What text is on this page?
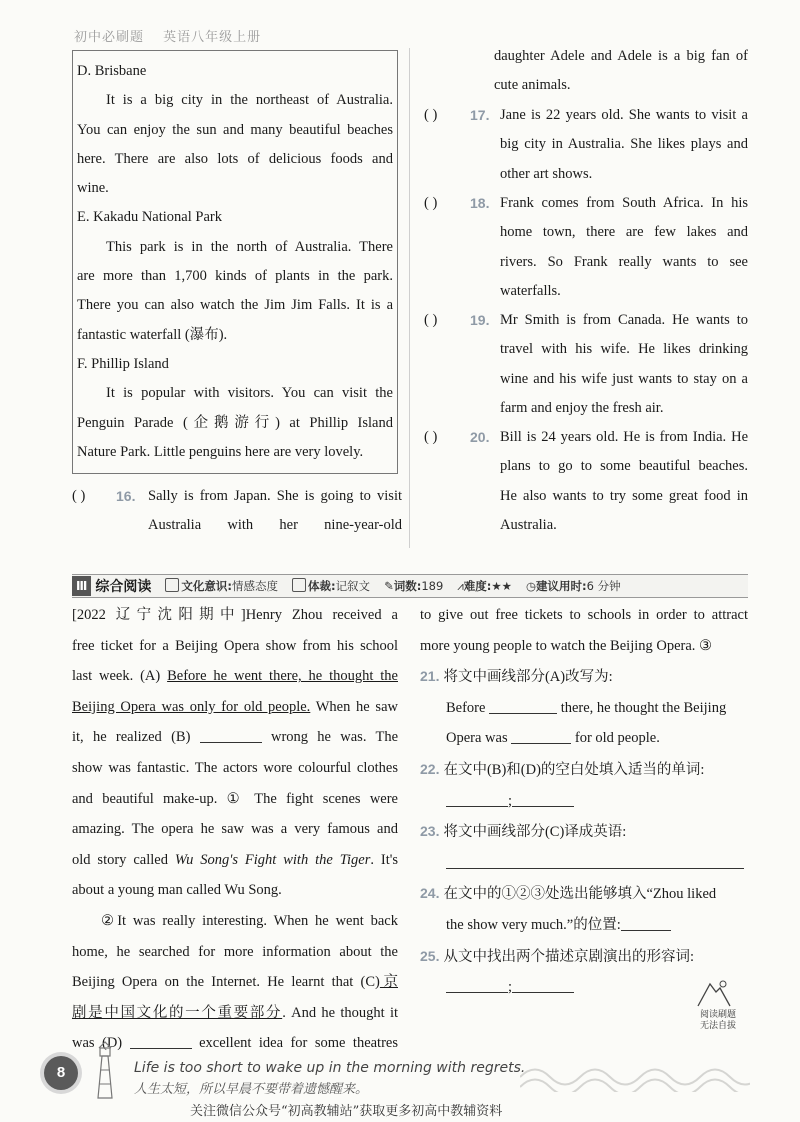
初中必刷题 英语八年级上册
D. Brisbane
It is a big city in the northeast of Australia.
You can enjoy the sun and many beautiful beaches
here. There are also lots of delicious foods and
wine.
E. Kakadu National Park
This park is in the north of Australia. There
are more than 1,700 kinds of plants in the park.
There you can also watch the Jim Jim Falls. It is a
fantastic waterfall (瀑布).
F. Phillip Island
It is popular with visitors. You can visit the
Penguin Parade (企鹅游行) at Phillip Island
Nature Park. Little penguins here are very lovely.
( )	16. Sally is from Japan. She is going to visit
Australia with her nine-year-old
daughter Adele and Adele is a big fan of
cute animals.
( )	17. Jane is 22 years old. She wants to visit a
big city in Australia. She likes plays and
other art shows.
( )	18. Frank comes from South Africa. In his
home town, there are few lakes and
rivers. So Frank really wants to see
waterfalls.
( )	19. Mr Smith is from Canada. He wants to
travel with his wife. He likes drinking
wine and his wife just wants to stay on a
farm and enjoy the fresh air.
( )	20. Bill is 24 years old. He is from India. He
plans to go to some beautiful beaches.
He also wants to try some great food in
Australia.
Ⅲ 综合阅读	文化意识:情感态度	体裁:记叙文 ✎词数:189 ⩘难度:★★ ◷建议用时:6 分钟
[2022 辽宁沈阳期中]Henry Zhou received a
free ticket for a Beijing Opera show from his school
last week. (A) Before he went there, he thought the
Beijing Opera was only for old people. When he saw
it, he realized (B)	wrong he was. The
show was fantastic. The actors wore colourful clothes
and beautiful make-up. ① The fight scenes were
amazing. The opera he saw was a very famous and
old story called Wu Song's Fight with the Tiger. It's
about a young man called Wu Song.
②It was really interesting. When he went back
home, he searched for more information about the
Beijing Opera on the Internet. He learnt that (C)京
剧是中国文化的一个重要部分. And he thought it
was (D)	excellent idea for some theatres
to give out free tickets to schools in order to attract
more young people to watch the Beijing Opera. ③
21. 将文中画线部分(A)改写为:
Before	there, he thought the Beijing
Opera was	for old people.
22. 在文中(B)和(D)的空白处填入适当的单词:
;
23. 将文中画线部分(C)译成英语:
24. 在文中的①②③处选出能够填入“Zhou liked
the show very much.”的位置:
25. 从文中找出两个描述京剧演出的形容词:
;
阅读刷题
无法自拔
8	Life is too short to wake up in the morning with regrets.
人生太短，所以早晨不要带着遗憾醒来。
关注微信公众号“初高教辅站”获取更多初高中教辅资料
